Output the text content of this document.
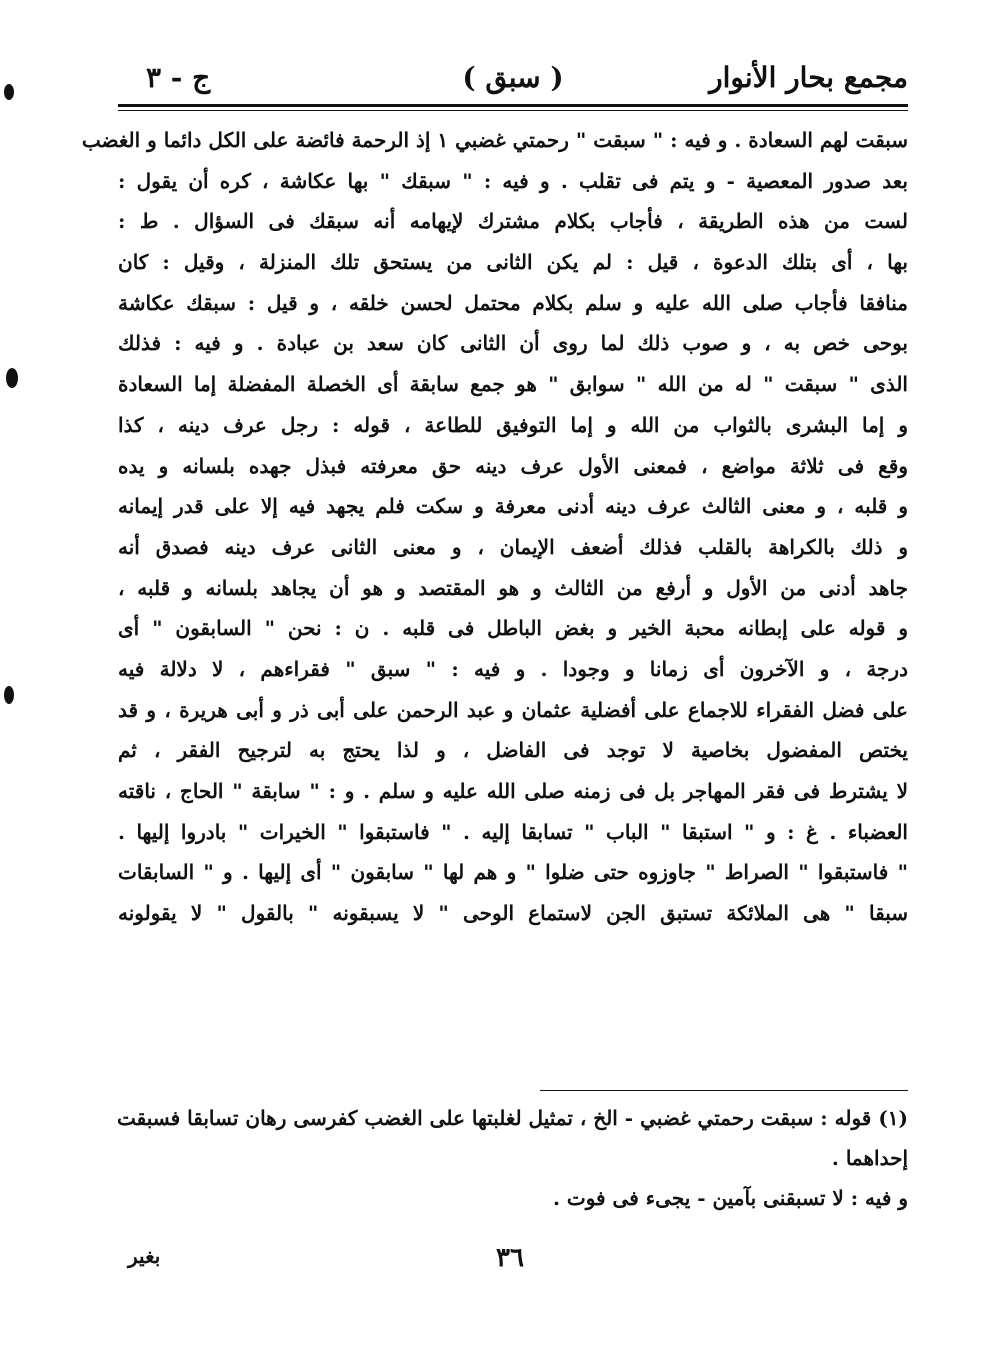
مجمع بحار الأنوار
( سبق )
ج - ٣
سبقت لهم السعادة . و فيه : " سبقت " رحمتي غضبي ١ إذ الرحمة فائضة على الكل دائما و الغضب
بعد صدور المعصية - و يتم فى تقلب . و فيه : " سبقك " بها عكاشة ، كره أن يقول :
لست من هذه الطريقة ، فأجاب بكلام مشترك لإيهامه أنه سبقك فى السؤال . ط :
بها ، أى بتلك الدعوة ، قيل : لم يكن الثانى من يستحق تلك المنزلة ، وقيل : كان
منافقا فأجاب صلى الله عليه و سلم بكلام محتمل لحسن خلقه ، و قيل : سبقك عكاشة
بوحى خص به ، و صوب ذلك لما روى أن الثانى كان سعد بن عبادة . و فيه : فذلك
الذى " سبقت " له من الله " سوابق " هو جمع سابقة أى الخصلة المفضلة إما السعادة
و إما البشرى بالثواب من الله و إما التوفيق للطاعة ، قوله : رجل عرف دينه ، كذا
وقع فى ثلاثة مواضع ، فمعنى الأول عرف دينه حق معرفته فبذل جهده بلسانه و يده
و قلبه ، و معنى الثالث عرف دينه أدنى معرفة و سكت فلم يجهد فيه إلا على قدر إيمانه
و ذلك بالكراهة بالقلب فذلك أضعف الإيمان ، و معنى الثانى عرف دينه فصدق أنه
جاهد أدنى من الأول و أرفع من الثالث و هو المقتصد و هو أن يجاهد بلسانه و قلبه ،
و قوله على إبطانه محبة الخير و بغض الباطل فى قلبه . ن : نحن " السابقون " أى
درجة ، و الآخرون أى زمانا و وجودا . و فيه : " سبق " فقراءهم ، لا دلالة فيه
على فضل الفقراء للاجماع على أفضلية عثمان و عبد الرحمن على أبى ذر و أبى هريرة ، و قد
يختص المفضول بخاصية لا توجد فى الفاضل ، و لذا يحتج به لترجيح الفقر ، ثم
لا يشترط فى فقر المهاجر بل فى زمنه صلى الله عليه و سلم . و : " سابقة " الحاج ، ناقته
العضباء . غ : و " استبقا " الباب " تسابقا إليه . " فاستبقوا " الخيرات " بادروا إليها .
" فاستبقوا " الصراط " جاوزوه حتى ضلوا " و هم لها " سابقون " أى إليها . و " السابقات
سبقا " هى الملائكة تستبق الجن لاستماع الوحى " لا يسبقونه " بالقول " لا يقولونه
(١) قوله : سبقت رحمتي غضبي - الخ ، تمثيل لغلبتها على الغضب كفرسى رهان تسابقا فسبقت
إحداهما .
و فيه : لا تسبقنى بآمين - يجىء فى فوت .
٣٦
بغير
